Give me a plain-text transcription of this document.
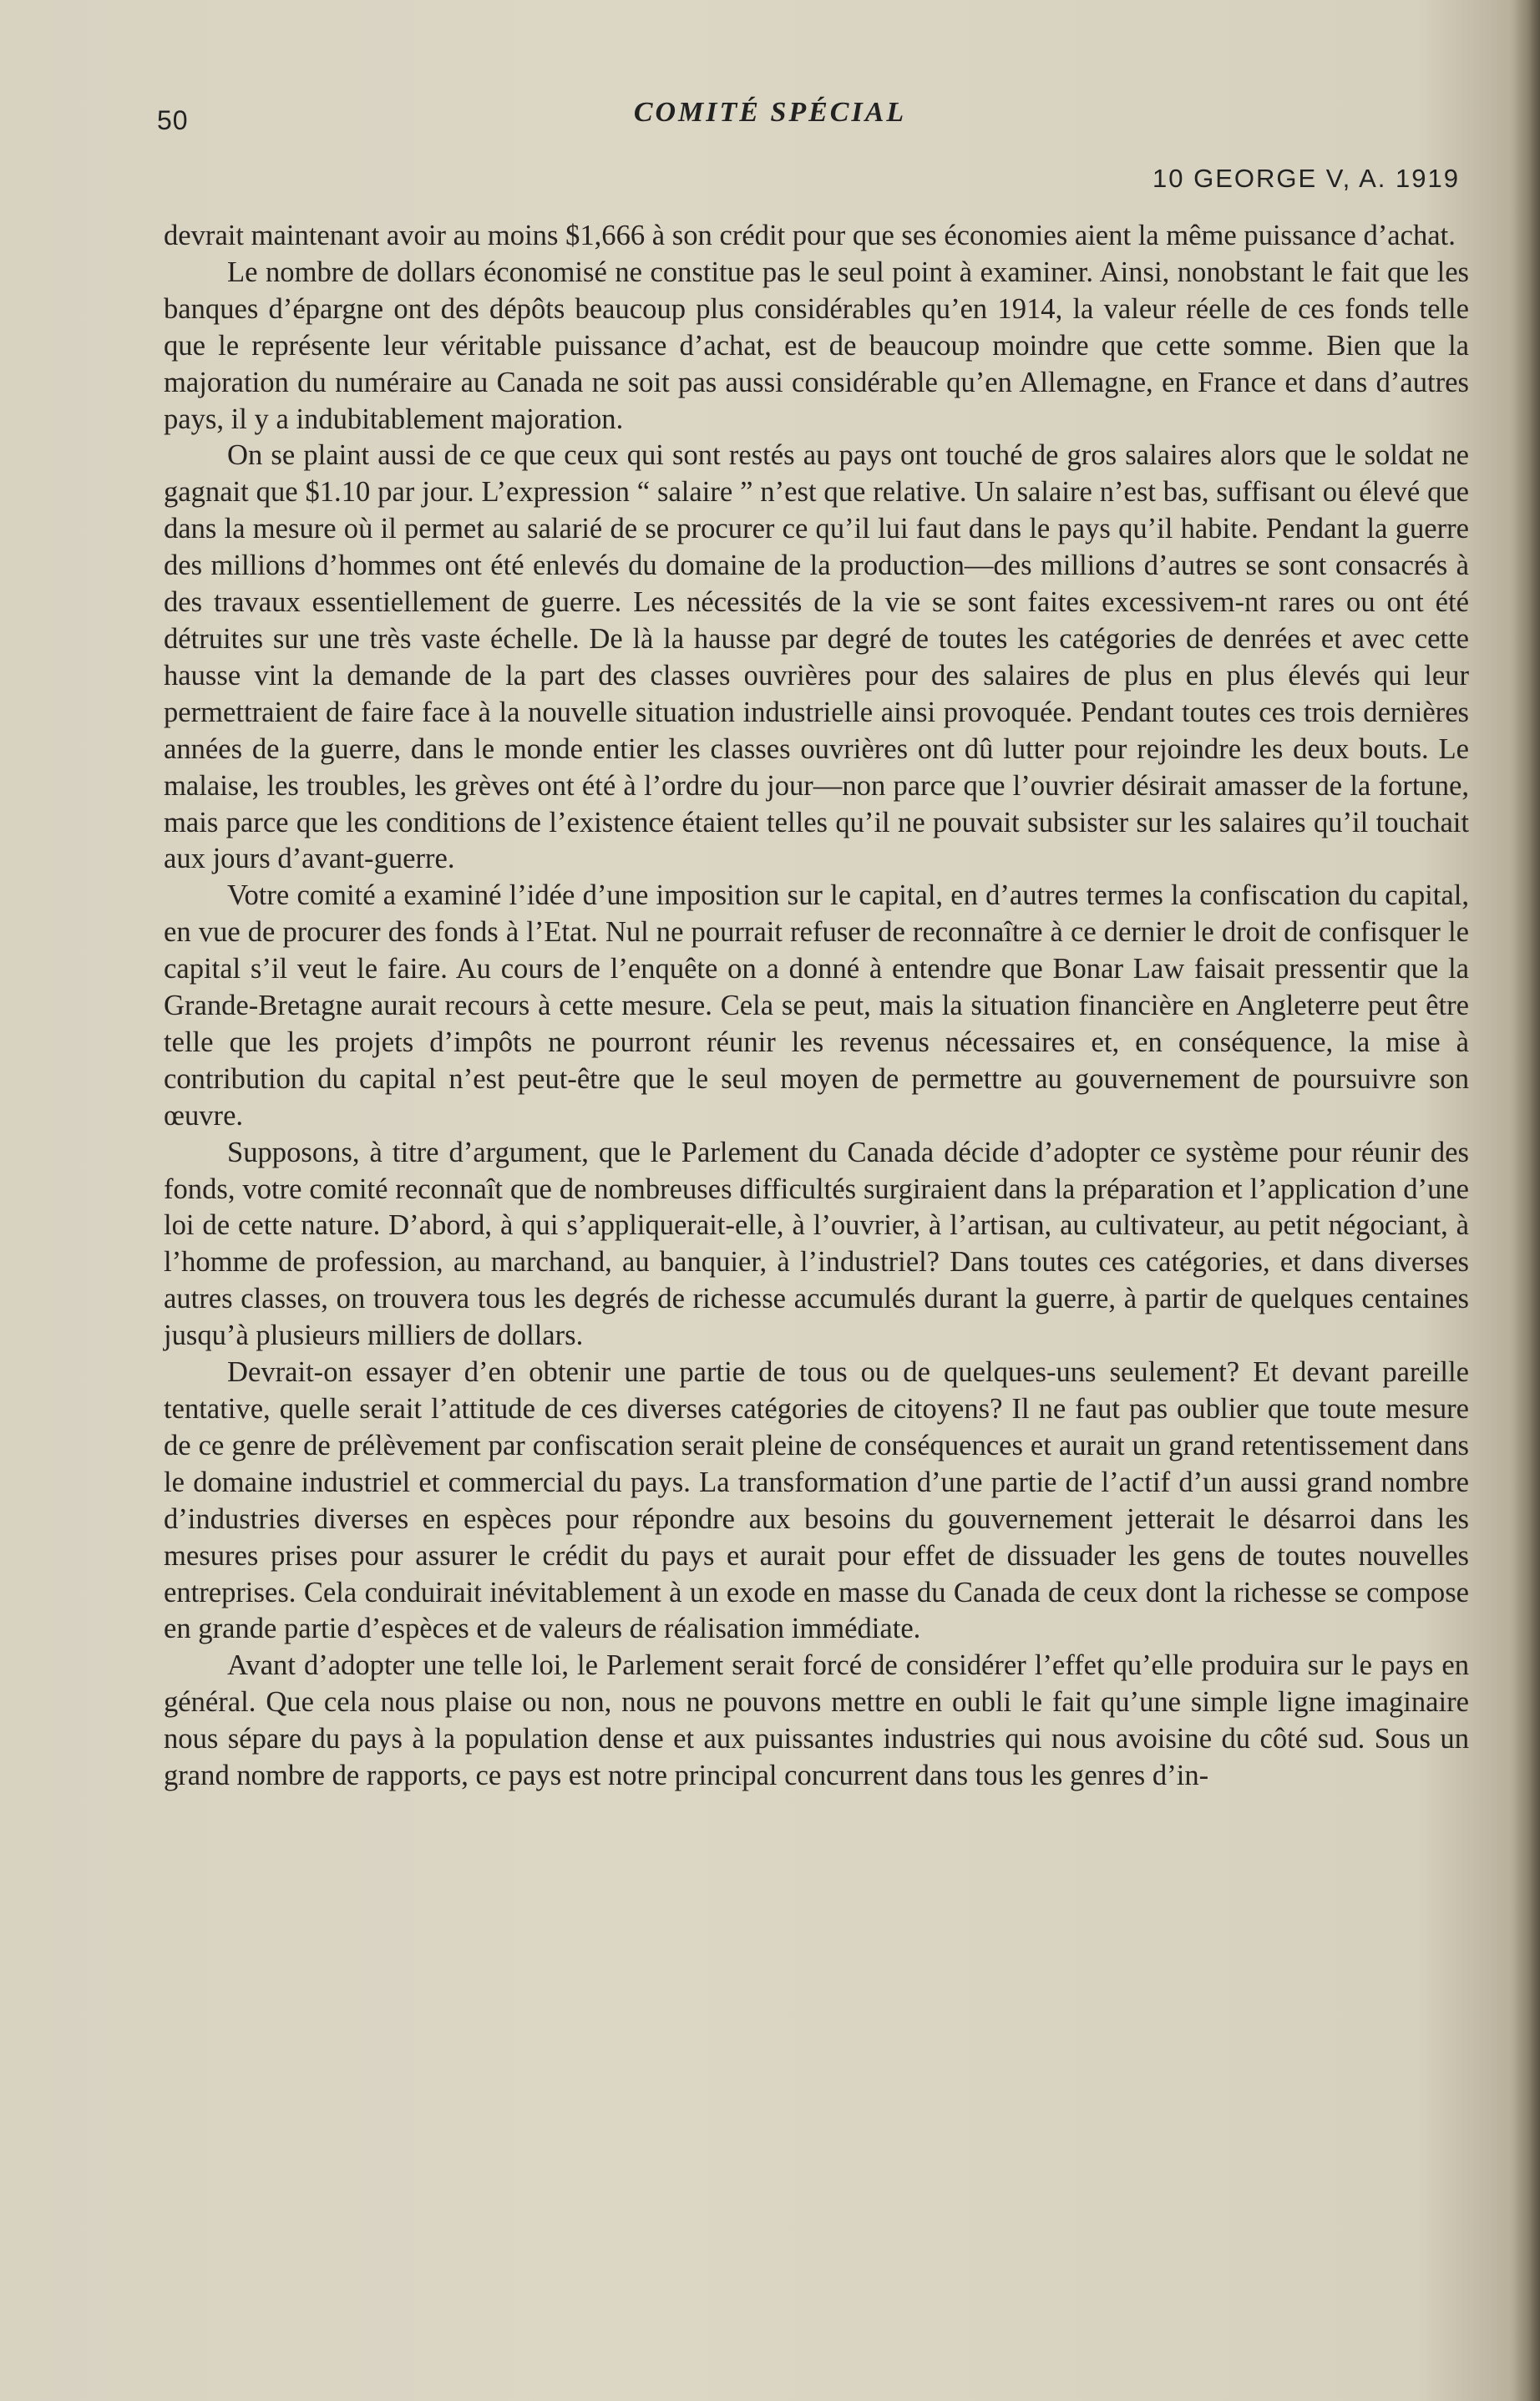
50	COMITÉ SPÉCIAL
10 GEORGE V, A. 1919

devrait maintenant avoir au moins $1,666 à son crédit pour que ses économies aient la même puissance d’achat.

Le nombre de dollars économisé ne constitue pas le seul point à examiner. Ainsi, nonobstant le fait que les banques d’épargne ont des dépôts beaucoup plus considérables qu’en 1914, la valeur réelle de ces fonds telle que le représente leur véritable puissance d’achat, est de beaucoup moindre que cette somme. Bien que la majoration du numéraire au Canada ne soit pas aussi considérable qu’en Allemagne, en France et dans d’autres pays, il y a indubitablement majoration.

On se plaint aussi de ce que ceux qui sont restés au pays ont touché de gros salaires alors que le soldat ne gagnait que $1.10 par jour. L’expression “ salaire ” n’est que relative. Un salaire n’est bas, suffisant ou élevé que dans la mesure où il permet au salarié de se procurer ce qu’il lui faut dans le pays qu’il habite. Pendant la guerre des millions d’hommes ont été enlevés du domaine de la production—des millions d’autres se sont consacrés à des travaux essentiellement de guerre. Les nécessités de la vie se sont faites excessivem-nt rares ou ont été détruites sur une très vaste échelle. De là la hausse par degré de toutes les catégories de denrées et avec cette hausse vint la demande de la part des classes ouvrières pour des salaires de plus en plus élevés qui leur permettraient de faire face à la nouvelle situation industrielle ainsi provoquée. Pendant toutes ces trois dernières années de la guerre, dans le monde entier les classes ouvrières ont dû lutter pour rejoindre les deux bouts. Le malaise, les troubles, les grèves ont été à l’ordre du jour—non parce que l’ouvrier désirait amasser de la fortune, mais parce que les conditions de l’existence étaient telles qu’il ne pouvait subsister sur les salaires qu’il touchait aux jours d’avant-guerre.

Votre comité a examiné l’idée d’une imposition sur le capital, en d’autres termes la confiscation du capital, en vue de procurer des fonds à l’Etat. Nul ne pourrait refuser de reconnaître à ce dernier le droit de confisquer le capital s’il veut le faire. Au cours de l’enquête on a donné à entendre que Bonar Law faisait pressentir que la Grande-Bretagne aurait recours à cette mesure. Cela se peut, mais la situation financière en Angleterre peut être telle que les projets d’impôts ne pourront réunir les revenus nécessaires et, en conséquence, la mise à contribution du capital n’est peut-être que le seul moyen de permettre au gouvernement de poursuivre son œuvre.

Supposons, à titre d’argument, que le Parlement du Canada décide d’adopter ce système pour réunir des fonds, votre comité reconnaît que de nombreuses difficultés surgiraient dans la préparation et l’application d’une loi de cette nature. D’abord, à qui s’appliquerait-elle, à l’ouvrier, à l’artisan, au cultivateur, au petit négociant, à l’homme de profession, au marchand, au banquier, à l’industriel? Dans toutes ces catégories, et dans diverses autres classes, on trouvera tous les degrés de richesse accumulés durant la guerre, à partir de quelques centaines jusqu’à plusieurs milliers de dollars.

Devrait-on essayer d’en obtenir une partie de tous ou de quelques-uns seulement? Et devant pareille tentative, quelle serait l’attitude de ces diverses catégories de citoyens? Il ne faut pas oublier que toute mesure de ce genre de prélèvement par confiscation serait pleine de conséquences et aurait un grand retentissement dans le domaine industriel et commercial du pays. La transformation d’une partie de l’actif d’un aussi grand nombre d’industries diverses en espèces pour répondre aux besoins du gouvernement jetterait le désarroi dans les mesures prises pour assurer le crédit du pays et aurait pour effet de dissuader les gens de toutes nouvelles entreprises. Cela conduirait inévitablement à un exode en masse du Canada de ceux dont la richesse se compose en grande partie d’espèces et de valeurs de réalisation immédiate.

Avant d’adopter une telle loi, le Parlement serait forcé de considérer l’effet qu’elle produira sur le pays en général. Que cela nous plaise ou non, nous ne pouvons mettre en oubli le fait qu’une simple ligne imaginaire nous sépare du pays à la population dense et aux puissantes industries qui nous avoisine du côté sud. Sous un grand nombre de rapports, ce pays est notre principal concurrent dans tous les genres d’in-
